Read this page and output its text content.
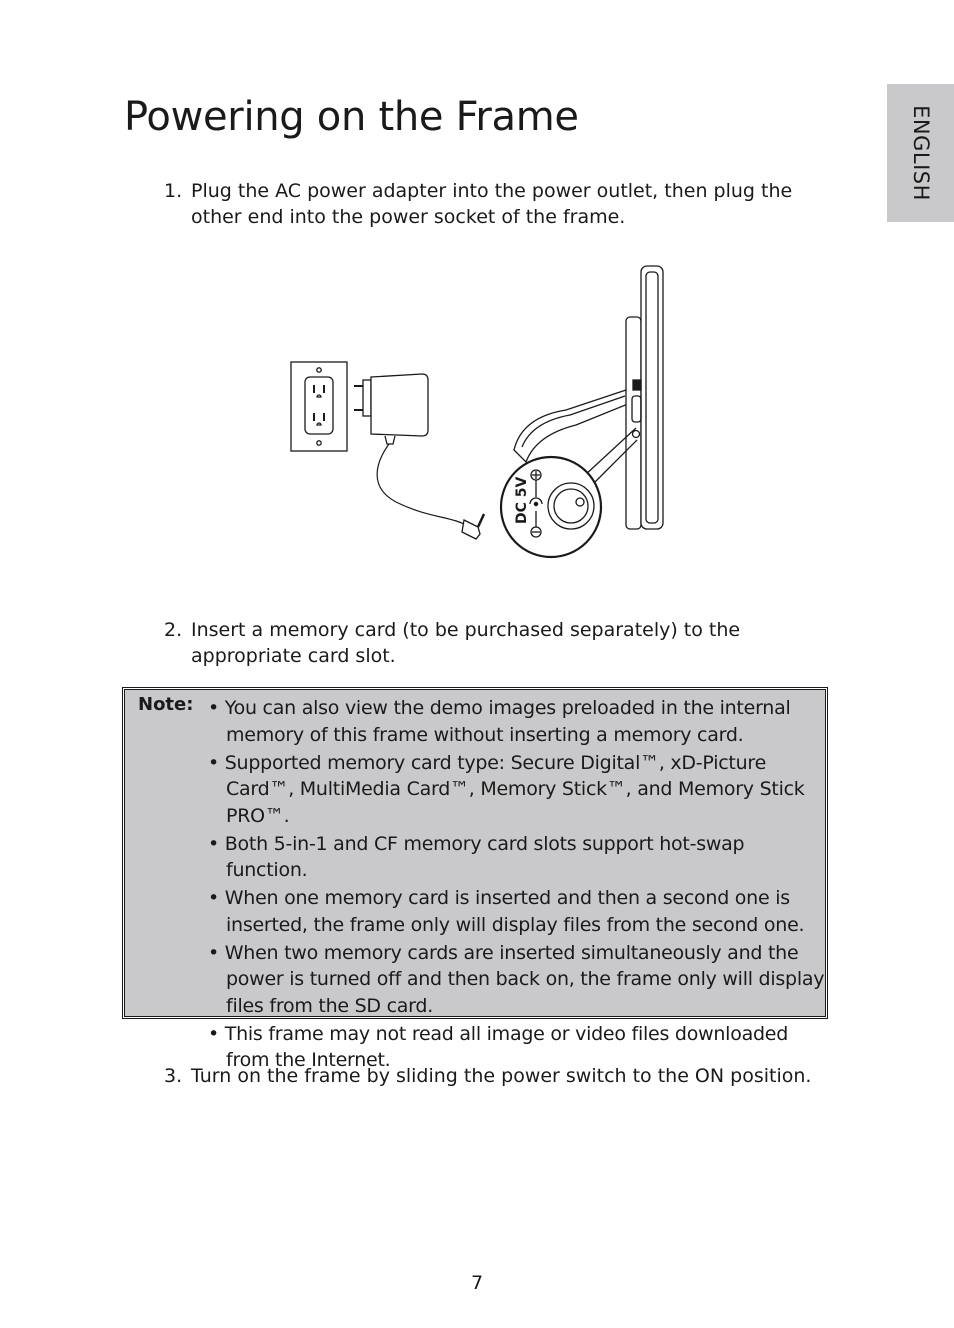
ENGLISH
Powering on the Frame
1. Plug the AC power adapter into the power outlet, then plug the other end into the power socket of the frame.
DC 5V
2. Insert a memory card (to be purchased separately) to the appropriate card slot.
Note: • You can also view the demo images preloaded in the internal memory of this frame without inserting a memory card.
• Supported memory card type: Secure Digital™, xD-Picture Card™, MultiMedia Card™, Memory Stick™, and Memory Stick PRO™.
• Both 5-in-1 and CF memory card slots support hot-swap function.
• When one memory card is inserted and then a second one is inserted, the frame only will display files from the second one.
• When two memory cards are inserted simultaneously and the power is turned off and then back on, the frame only will display files from the SD card.
• This frame may not read all image or video files downloaded from the Internet.
3. Turn on the frame by sliding the power switch to the ON position.
7
